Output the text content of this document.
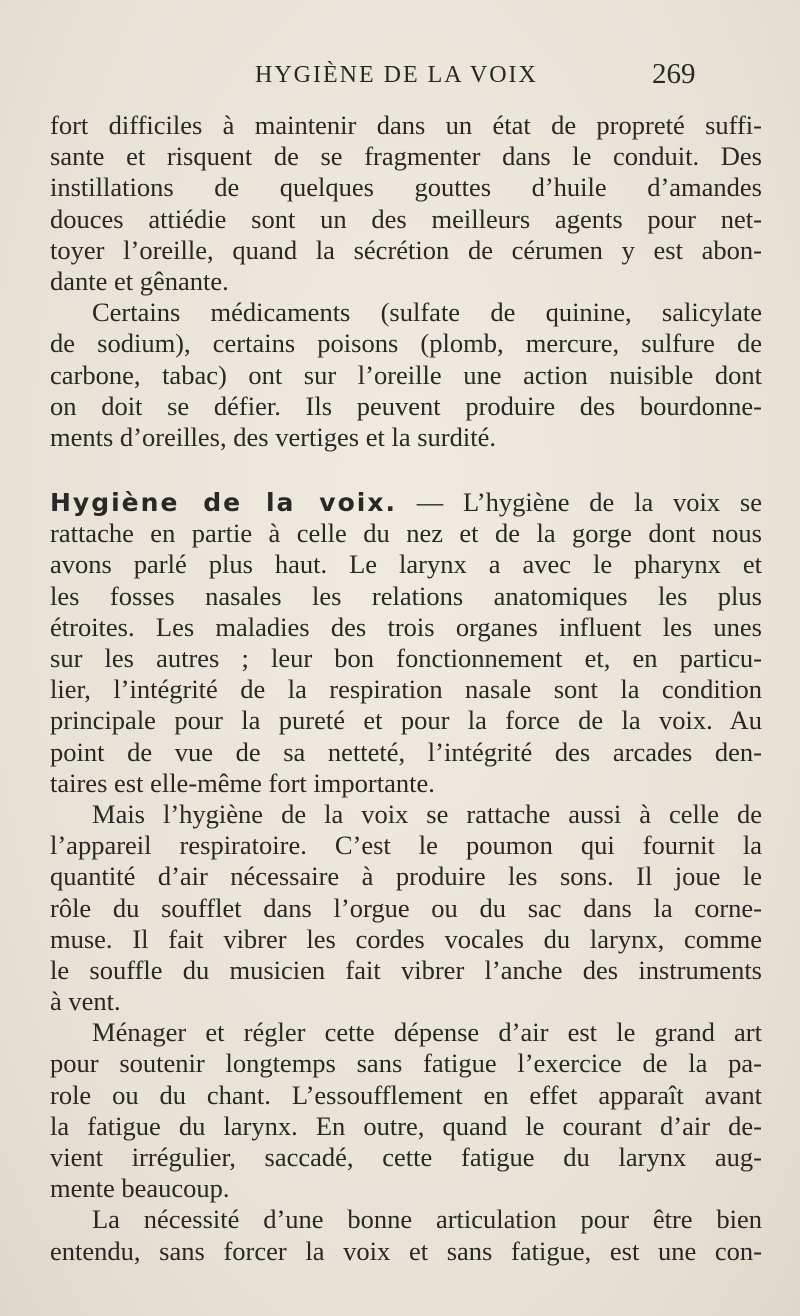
HYGIÈNE DE LA VOIX	269
fort difficiles à maintenir dans un état de propreté suffi-
sante et risquent de se fragmenter dans le conduit. Des
instillations de quelques gouttes d’huile d’amandes
douces attiédie sont un des meilleurs agents pour net-
toyer l’oreille, quand la sécrétion de cérumen y est abon-
dante et gênante.
Certains médicaments (sulfate de quinine, salicylate
de sodium), certains poisons (plomb, mercure, sulfure de
carbone, tabac) ont sur l’oreille une action nuisible dont
on doit se défier. Ils peuvent produire des bourdonne-
ments d’oreilles, des vertiges et la surdité.
Hygiène de la voix. — L’hygiène de la voix se
rattache en partie à celle du nez et de la gorge dont nous
avons parlé plus haut. Le larynx a avec le pharynx et
les fosses nasales les relations anatomiques les plus
étroites. Les maladies des trois organes influent les unes
sur les autres ; leur bon fonctionnement et, en particu-
lier, l’intégrité de la respiration nasale sont la condition
principale pour la pureté et pour la force de la voix. Au
point de vue de sa netteté, l’intégrité des arcades den-
taires est elle-même fort importante.
Mais l’hygiène de la voix se rattache aussi à celle de
l’appareil respiratoire. C’est le poumon qui fournit la
quantité d’air nécessaire à produire les sons. Il joue le
rôle du soufflet dans l’orgue ou du sac dans la corne-
muse. Il fait vibrer les cordes vocales du larynx, comme
le souffle du musicien fait vibrer l’anche des instruments
à vent.
Ménager et régler cette dépense d’air est le grand art
pour soutenir longtemps sans fatigue l’exercice de la pa-
role ou du chant. L’essoufflement en effet apparaît avant
la fatigue du larynx. En outre, quand le courant d’air de-
vient irrégulier, saccadé, cette fatigue du larynx aug-
mente beaucoup.
La nécessité d’une bonne articulation pour être bien
entendu, sans forcer la voix et sans fatigue, est une con-
